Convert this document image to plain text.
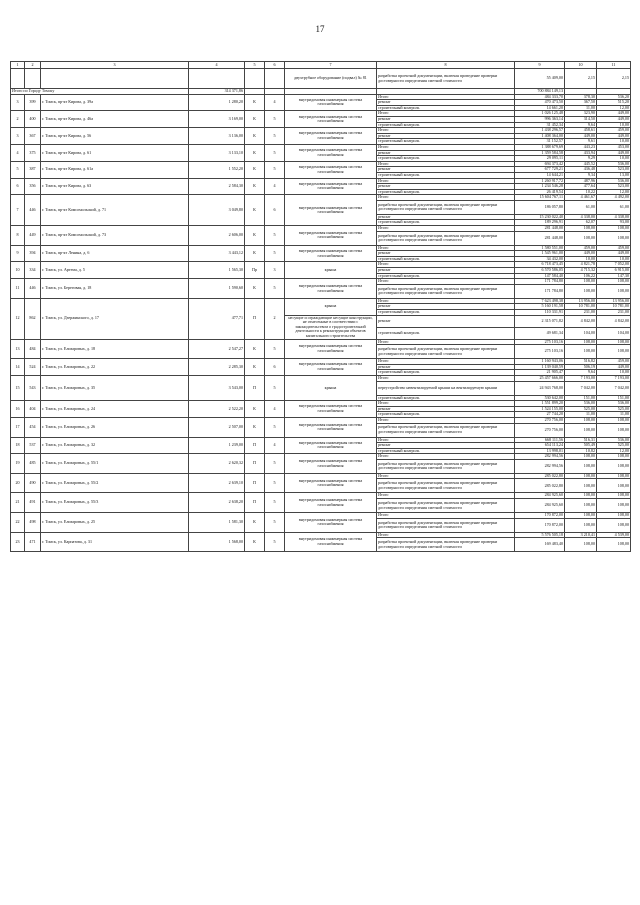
17
1	2	3	4	5	6	7	8	9	10	11
						двухтрубное оборудование (подвал) № 81	разработка проектной документации, включая проведение проверки достоверности определения сметной стоимости	55 409,00	2,15	2,15
Итого по Городу Томску			314 371,86					700 884 149,13		
3	399	г. Томск, пр-кт Кирова, д. 39а	1 280,20	К	4	внутридомовая инженерная система газоснабжения	Итого	484 333,70	378,30	536,20
							ремонт	470 473,50	367,50	515,20
							строительный контроль	14 661,20	11,00	12,00
2	400	г. Томск, пр-кт Кирова, д. 46а	3 169,00	К	5	внутридомовая инженерная система газоснабжения	Итого	1 026 125,48	323,90	449,00
							ремонт	996 363,14	314,50	449,00
							строительный контроль	31 452,34	9,64	10,00
3	367	г. Томск, пр-кт Кирова, д. 56	3 136,00	К	5	внутридомовая инженерная система газоснабжения	Итого	1 438 296,57	458,61	459,00
							ремонт	1 408 364,00	449,00	449,00
							строительный контроль	31 152,57	9,61	10,00
4	375	г. Томск, пр-кт Кирова, д. 61	3 133,10	К	5	внутридомовая инженерная система газоснабжения	Итого	1 388 679,69	443,23	453,00
							ремонт	1 359 584,58	433,94	449,00
							строительный контроль	29 095,11	9,29	10,00
5	387	г. Томск, пр-кт Кирова, д. 61а	1 552,20	К	5	внутридомовая инженерная система газоснабжения	Итого	694 373,42	445,52	536,00
							ремонт	677 729,21	436,48	523,00
							строительный контроль	14 644,21	9,34	13,00
6	356	г. Томск, пр-кт Кирова, д. 63	2 584,30	К	4	внутридомовая инженерная система газоснабжения	Итого	1 260 917,72	487,96	536,00
							ремонт	1 234 546,28	477,64	523,00
							строительный контроль	26 419,54	10,22	12,00
7	446	г. Томск, пр-кт Комсомольский, д. 71	3 049,80	К	6	внутридомовая инженерная система газоснабжения	Итого	15 604 767,11	4 461,67	4 492,00
							разработка проектной документации, включая проведение проверки достоверности определения сметной стоимости	186 057,80	61,00	61,00
							ремонт	15 230 022,40	4 338,00	4 338,00
							строительный контроль	189 296,91	62,07	93,00
8	449	г. Томск, пр-кт Комсомольский, д. 73	2 606,00	К	5	внутридомовая инженерная система газоснабжения	Итого	281 448,00	108,00	108,00
							разработка проектной документации, включая проведение проверки достоверности определения сметной стоимости	281 448,00	108,00	108,00
9	394	г. Томск, пр-кт Ленина, д. 6	3 443,12	К	5	внутридомовая инженерная система газоснабжения	Итого	1 580 551,00	459,00	459,00
							ремонт	1 545 961,00	449,00	449,00
							строительный контроль	34 432,00	10,00	10,00
10	334	г. Томск, ул. Артема, д. 5	1 565,30	Пр	3	крыша	Итого	6 718 473,45	4 821,78	7 052,00
							ремонт	6 570 586,05	4 715,32	6 915,00
							строительный контроль	147 584,40	106,22	147,30
11	446	г. Томск, ул. Береговая, д. 18	1 590,60	К	5	внутридомовая инженерная система газоснабжения	Итого	171 784,80	108,00	108,00
							разработка проектной документации, включая проведение проверки достоверности определения сметной стоимости	171 784,80	108,00	108,00
12	862	г. Томск, ул. Дзержинского, д. 17	477,71	П	2	крыша	Итого	7 623 498,38	13 956,00	13 956,00
							ремонт	5 160 191,58	10 781,00	10 781,00
							строительный контроль	110 331,91	231,00	231,00
						несущие и ограждающие несущие конструкции, не отнесенные в соответствии с законодательством о градостроительной деятельности к реконструкции объектов капитального строительства	ремонт	2 315 071,82	4 842,00	4 842,00
							строительный контроль	49 681,34	104,00	104,00
13	484	г. Томск, ул. Елизаровых, д. 18	2 547,27	К	5	внутридомовая инженерная система газоснабжения	Итого	275 103,16	108,00	108,00
							разработка проектной документации, включая проведение проверки достоверности определения сметной стоимости	275 103,16	108,00	108,00
14	524	г. Томск, ул. Елизаровых, д. 22	2 285,30	К	6	внутридомовая инженерная система газоснабжения	Итого	1 160 943,06	516,82	459,00
							ремонт	1 139 040,59	506,19	449,00
							строительный контроль	21 905,47	9,64	10,00
15	543	г. Томск, ул. Елизаровых, д. 35	3 543,00	П	5	крыша	Итого	25 457 666,00	7 193,00	7 193,00
							переустройство невентилируемой крыши на вентилируемую крыши	24 943 768,00	7 042,00	7 042,00
							строительный контроль	530 642,00	151,00	151,00
16	404	г. Томск, ул. Елизаровых, д. 24	2 522,20	К	4	внутридомовая инженерная система газоснабжения	Итого	1 551 899,20	536,00	536,00
							ремонт	1 524 155,00	525,00	525,00
							строительный контроль	27 744,20	11,00	11,00
17	454	г. Томск, ул. Елизаровых, д. 26	2 507,00	К	5	внутридомовая инженерная система газоснабжения	Итого	270 756,00	108,00	108,00
							разработка проектной документации, включая проведение проверки достоверности определения сметной стоимости	270 756,00	108,00	108,00
18	537	г. Томск, ул. Елизаровых, д. 32	1 239,00	П	4	внутридомовая инженерная система газоснабжения	Итого	668 111,56	516,31	536,00
							ремонт	654 113,24	505,49	525,00
							строительный контроль	13 998,01	10,82	12,00
19	485	г. Томск, ул. Елизаровых, д. 55/1	2 620,32	П	5	внутридомовая инженерная система газоснабжения	Итого	282 994,56	108,00	108,00
							разработка проектной документации, включая проведение проверки достоверности определения сметной стоимости	282 994,56	108,00	108,00
20	490	г. Томск, ул. Елизаровых, д. 55/2	2 639,10	П	5	внутридомовая инженерная система газоснабжения	Итого	285 022,80	108,00	108,00
							разработка проектной документации, включая проведение проверки достоверности определения сметной стоимости	285 022,80	108,00	108,00
21	491	г. Томск, ул. Елизаровых, д. 55/3	2 638,20	П	5	внутридомовая инженерная система газоснабжения	Итого	284 925,60	108,00	108,00
							разработка проектной документации, включая проведение проверки достоверности определения сметной стоимости	284 925,60	108,00	108,00
22	498	г. Томск, ул. Елизаровых, д. 25	1 581,30	К	5	внутридомовая инженерная система газоснабжения	Итого	170 872,00	108,00	108,00
							разработка проектной документации, включая проведение проверки достоверности определения сметной стоимости	170 872,00	108,00	108,00
23	471	г. Томск, ул. Карпатова, д. 31	1 568,00	К	5	внутридомовая инженерная система газоснабжения	Итого	5 576 505,18	3 210,41	4 539,00
							разработка проектной документации, включая проведение проверки достоверности определения сметной стоимости	169 483,40	108,00	108,00
